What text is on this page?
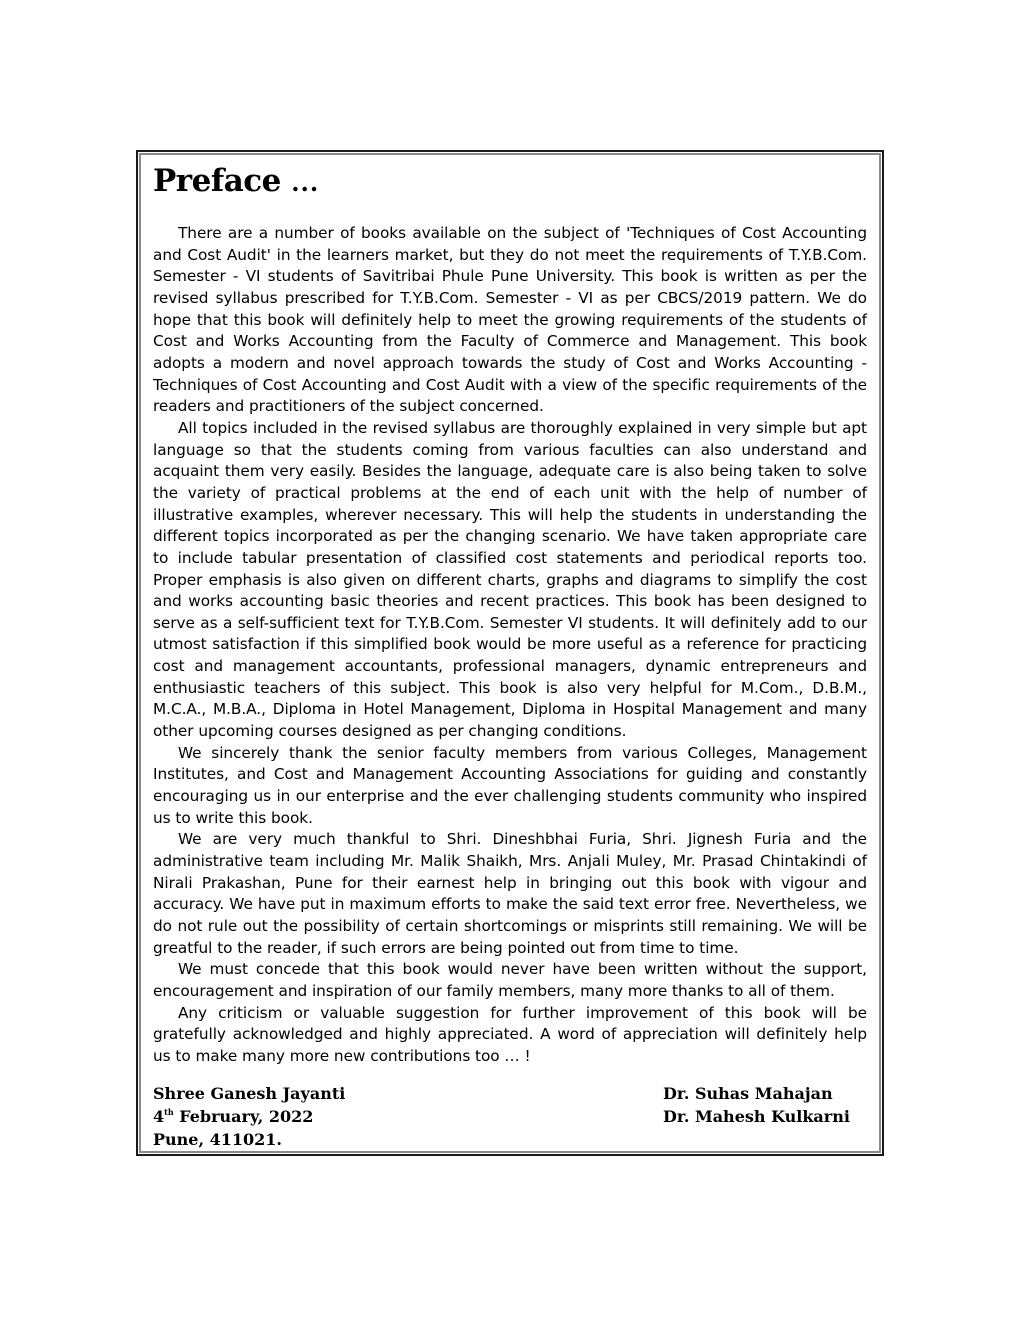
Preface ...

There are a number of books available on the subject of 'Techniques of Cost Accounting and Cost Audit' in the learners market, but they do not meet the requirements of T.Y.B.Com. Semester - VI students of Savitribai Phule Pune University. This book is written as per the revised syllabus prescribed for T.Y.B.Com. Semester - VI as per CBCS/2019 pattern. We do hope that this book will definitely help to meet the growing requirements of the students of Cost and Works Accounting from the Faculty of Commerce and Management. This book adopts a modern and novel approach towards the study of Cost and Works Accounting - Techniques of Cost Accounting and Cost Audit with a view of the specific requirements of the readers and practitioners of the subject concerned.

All topics included in the revised syllabus are thoroughly explained in very simple but apt language so that the students coming from various faculties can also understand and acquaint them very easily. Besides the language, adequate care is also being taken to solve the variety of practical problems at the end of each unit with the help of number of illustrative examples, wherever necessary. This will help the students in understanding the different topics incorporated as per the changing scenario. We have taken appropriate care to include tabular presentation of classified cost statements and periodical reports too. Proper emphasis is also given on different charts, graphs and diagrams to simplify the cost and works accounting basic theories and recent practices. This book has been designed to serve as a self-sufficient text for T.Y.B.Com. Semester VI students. It will definitely add to our utmost satisfaction if this simplified book would be more useful as a reference for practicing cost and management accountants, professional managers, dynamic entrepreneurs and enthusiastic teachers of this subject. This book is also very helpful for M.Com., D.B.M., M.C.A., M.B.A., Diploma in Hotel Management, Diploma in Hospital Management and many other upcoming courses designed as per changing conditions.

We sincerely thank the senior faculty members from various Colleges, Management Institutes, and Cost and Management Accounting Associations for guiding and constantly encouraging us in our enterprise and the ever challenging students community who inspired us to write this book.

We are very much thankful to Shri. Dineshbhai Furia, Shri. Jignesh Furia and the administrative team including Mr. Malik Shaikh, Mrs. Anjali Muley, Mr. Prasad Chintakindi of Nirali Prakashan, Pune for their earnest help in bringing out this book with vigour and accuracy. We have put in maximum efforts to make the said text error free. Nevertheless, we do not rule out the possibility of certain shortcomings or misprints still remaining. We will be greatful to the reader, if such errors are being pointed out from time to time.

We must concede that this book would never have been written without the support, encouragement and inspiration of our family members, many more thanks to all of them.

Any criticism or valuable suggestion for further improvement of this book will be gratefully acknowledged and highly appreciated. A word of appreciation will definitely help us to make many more new contributions too … !

Shree Ganesh Jayanti
4th February, 2022
Pune, 411021.
Dr. Suhas Mahajan
Dr. Mahesh Kulkarni
